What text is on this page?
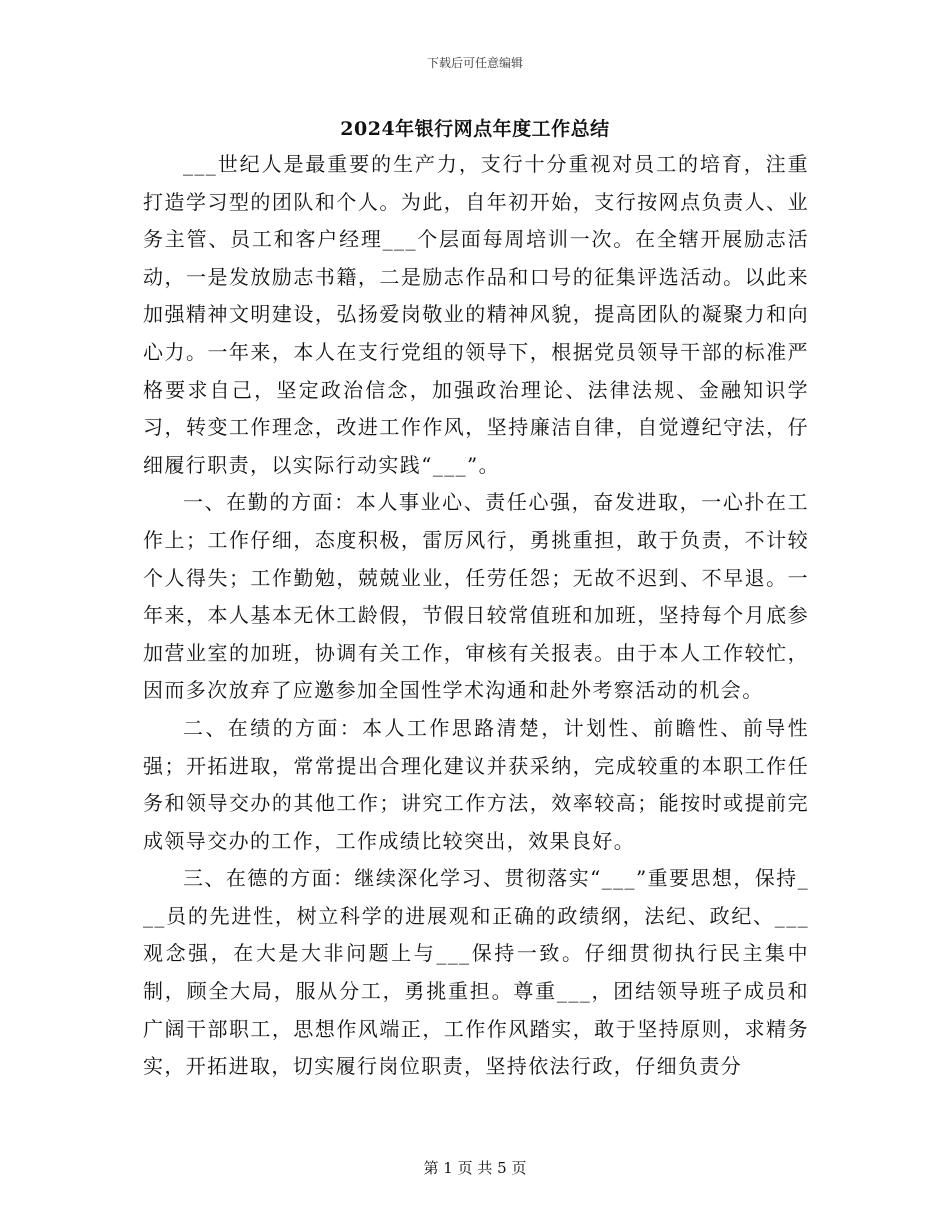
下载后可任意编辑
2024年银行网点年度工作总结

___世纪人是最重要的生产力，支行十分重视对员工的培育，注重打造学习型的团队和个人。为此，自年初开始，支行按网点负责人、业务主管、员工和客户经理___个层面每周培训一次。在全辖开展励志活动，一是发放励志书籍，二是励志作品和口号的征集评选活动。以此来加强精神文明建设，弘扬爱岗敬业的精神风貌，提高团队的凝聚力和向心力。一年来，本人在支行党组的领导下，根据党员领导干部的标准严格要求自己，坚定政治信念，加强政治理论、法律法规、金融知识学习，转变工作理念，改进工作作风，坚持廉洁自律，自觉遵纪守法，仔细履行职责，以实际行动实践“___”。

一、在勤的方面：本人事业心、责任心强，奋发进取，一心扑在工作上；工作仔细，态度积极，雷厉风行，勇挑重担，敢于负责，不计较个人得失；工作勤勉，兢兢业业，任劳任怨；无故不迟到、不早退。一年来，本人基本无休工龄假，节假日较常值班和加班，坚持每个月底参加营业室的加班，协调有关工作，审核有关报表。由于本人工作较忙，因而多次放弃了应邀参加全国性学术沟通和赴外考察活动的机会。

二、在绩的方面：本人工作思路清楚，计划性、前瞻性、前导性强；开拓进取，常常提出合理化建议并获采纳，完成较重的本职工作任务和领导交办的其他工作；讲究工作方法，效率较高；能按时或提前完成领导交办的工作，工作成绩比较突出，效果良好。

三、在德的方面：继续深化学习、贯彻落实“___”重要思想，保持___员的先进性，树立科学的进展观和正确的政绩纲，法纪、政纪、___观念强，在大是大非问题上与___保持一致。仔细贯彻执行民主集中制，顾全大局，服从分工，勇挑重担。尊重___，团结领导班子成员和广阔干部职工，思想作风端正，工作作风踏实，敢于坚持原则，求精务实，开拓进取，切实履行岗位职责，坚持依法行政，仔细负责分

第 1 页 共 5 页
